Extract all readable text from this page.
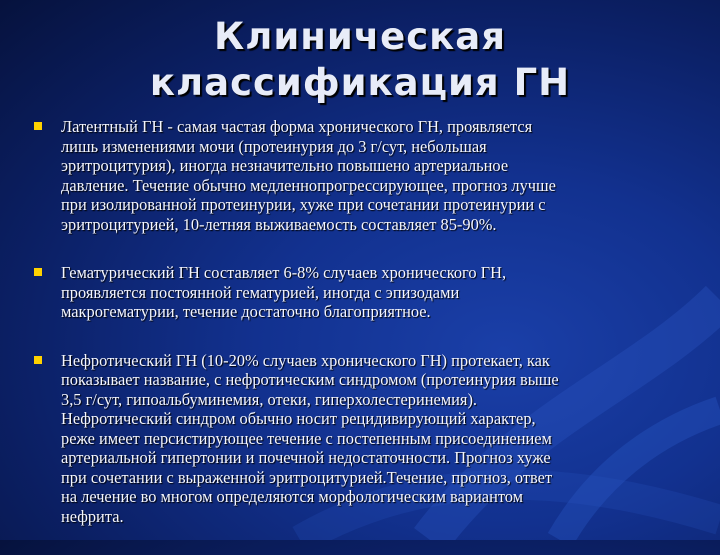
Клиническая
классификация ГН
Латентный ГН - самая частая форма хронического ГН, проявляется
лишь изменениями мочи (протеинурия до 3 г/сут, небольшая
эритроцитурия), иногда незначительно повышено артериальное
давление. Течение обычно медленнопрогрессирующее, прогноз лучше
при изолированной протеинурии, хуже при сочетании протеинурии с
эритроцитурией, 10-летняя выживаемость составляет 85-90%.
Гематурический ГН составляет 6-8% случаев хронического ГН,
проявляется постоянной гематурией, иногда с эпизодами
макрогематурии, течение достаточно благоприятное.
Нефротический ГН (10-20% случаев хронического ГН) протекает, как
показывает название, с нефротическим синдромом (протеинурия выше
3,5 г/сут, гипоальбуминемия, отеки, гиперхолестеринемия).
Нефротический синдром обычно носит рецидивирующий характер,
реже имеет персистирующее течение с постепенным присоединением
артериальной гипертонии и почечной недостаточности. Прогноз хуже
при сочетании с выраженной эритроцитурией.Течение, прогноз, ответ
на лечение во многом определяются морфологическим вариантом
нефрита.
